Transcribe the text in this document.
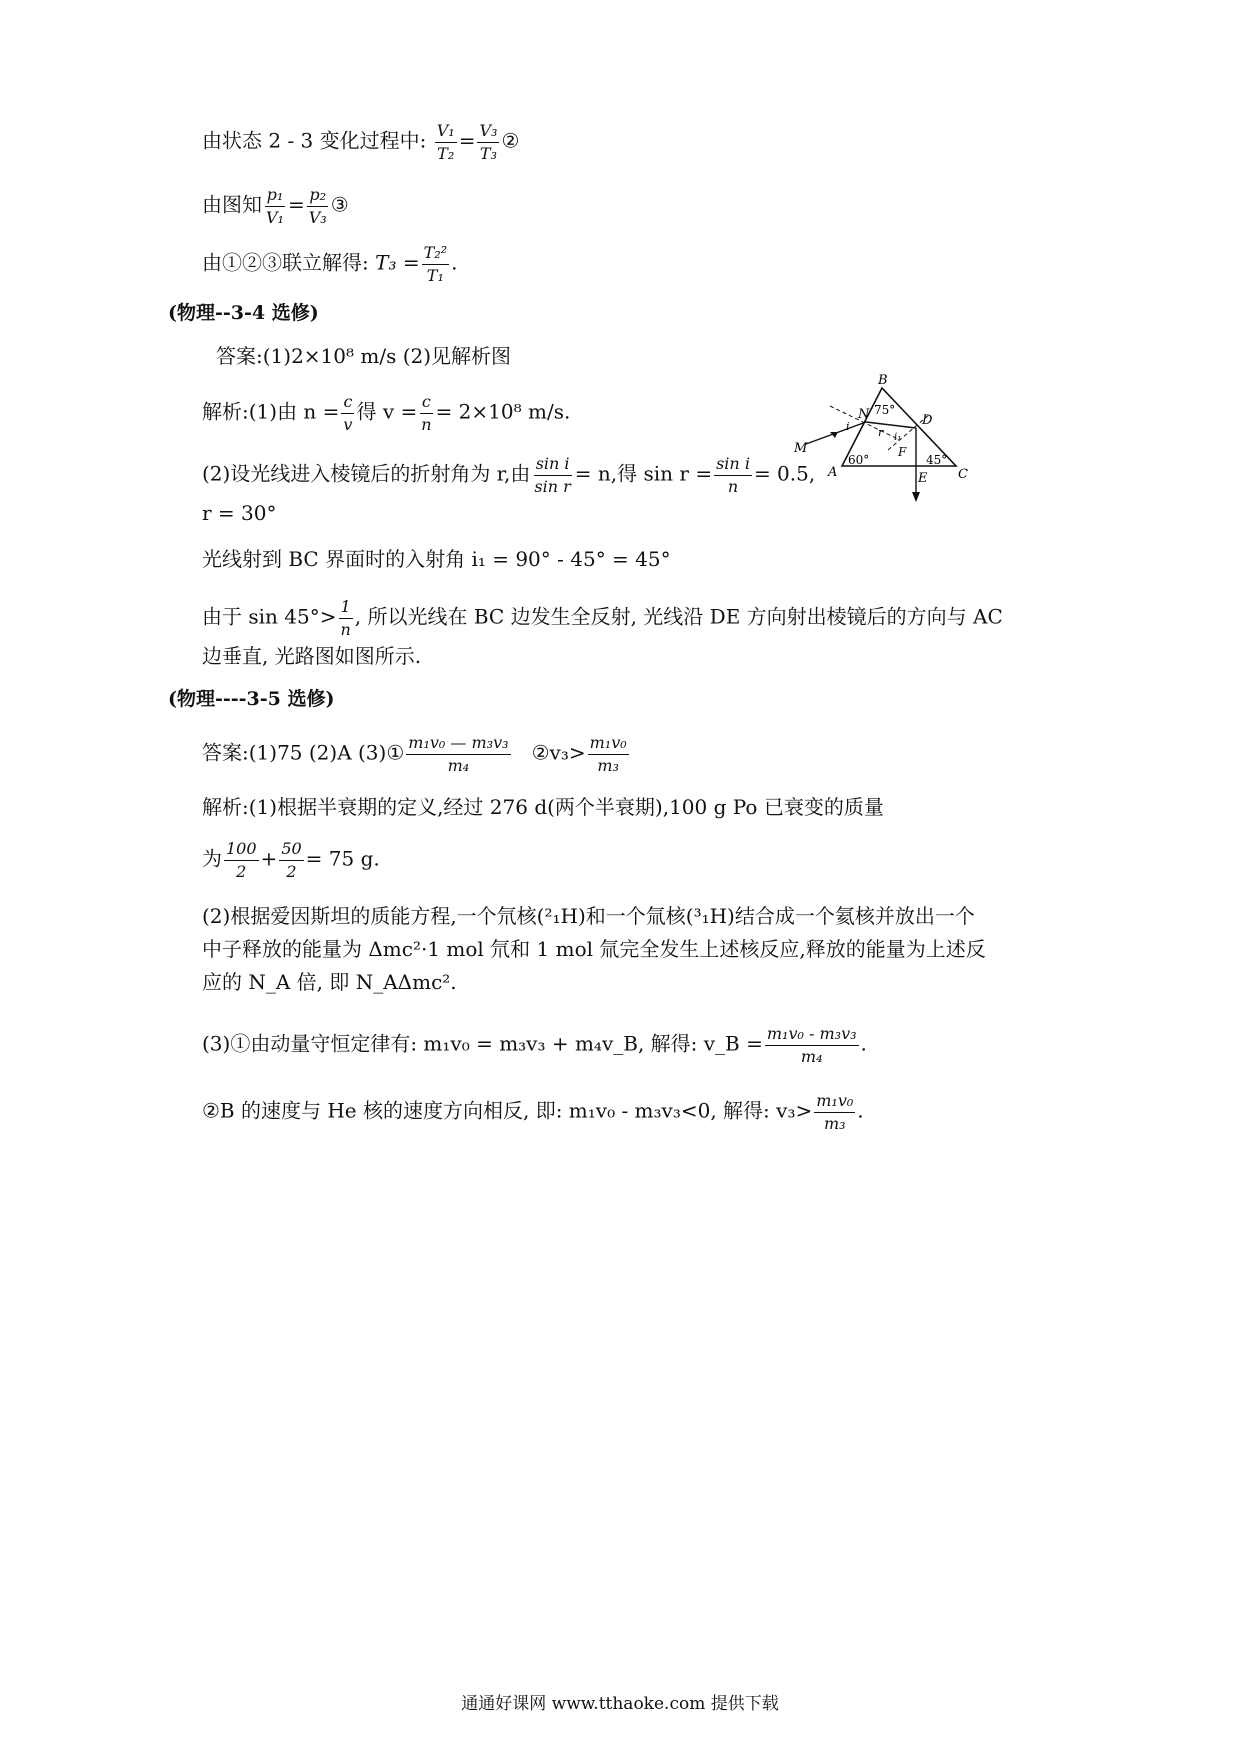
由状态 2 - 3 变化过程中: $\frac{\text{V₁}}{\text{T₂}} = \frac{\text{V₃}}{\text{T₃}}$ ②
由图知 $\frac{\text{p₁}}{\text{V₁}} = \frac{\text{p₂}}{\text{V₃}}$ ③
由①②③联立解得: $T_3 = \frac{\text{T₂²}}{\text{T₁}}$ .
(物理--3-4 选修)
答案:(1)2×10⁸ m/s (2)见解析图
解析:(1)由 $n = \frac{c}{v}$ 得 $v = \frac{c}{n} = 2\times 10^8$ m/s.
(2)设光线进入棱镜后的折射角为 r,由 $\frac{\text{sin i}}{\text{sin r}} = n$,得 $\sin r = \frac{\text{sin i}}{n} = 0.5$,
r = 30°
光线射到 BC 界面时的入射角 i₁ = 90° - 45° = 45°
由于 $\sin 45^\circ> \frac{1}{n}$ , 所以光线在 BC 边发生全反射, 光线沿 DE 方向射出棱镜后的方向与 AC
边垂直, 光路图如图所示.
B
N	D
M
A	E C
F
i	r i₁
75°
60°	45°
(物理----3-5 选修)
答案:(1)75 (2)A (3)① $\frac{\text{m₁v₀ — m₃v₃}}{\text{m₄}}$ ②v₃> $\frac{\text{m₁v₀}}{\text{m₃}}$
解析:(1)根据半衰期的定义,经过 276 d(两个半衰期),100 g Po 已衰变的质量
为 $\frac{100}{2} + \frac{50}{2} = 75$ g.
(2)根据爱因斯坦的质能方程,一个氘核(²₁H)和一个氚核(³₁H)结合成一个氦核并放出一个
中子释放的能量为 Δmc²·1 mol 氘和 1 mol 氚完全发生上述核反应,释放的能量为上述反
应的 N_A 倍, 即 N_AΔmc².
(3)①由动量守恒定律有: m₁v₀ = m₃v₃ + m₄v_B, 解得: v_B = $\frac{\text{m₁v₀ - m₃v₃}}{\text{m₄}}$ .
②B 的速度与 He 核的速度方向相反, 即: m₁v₀ - m₃v₃<0, 解得: $v_3> \frac{\text{m₁v₀}}{\text{m₃}}$ .
通通好课网 www.tthaoke.com 提供下载
